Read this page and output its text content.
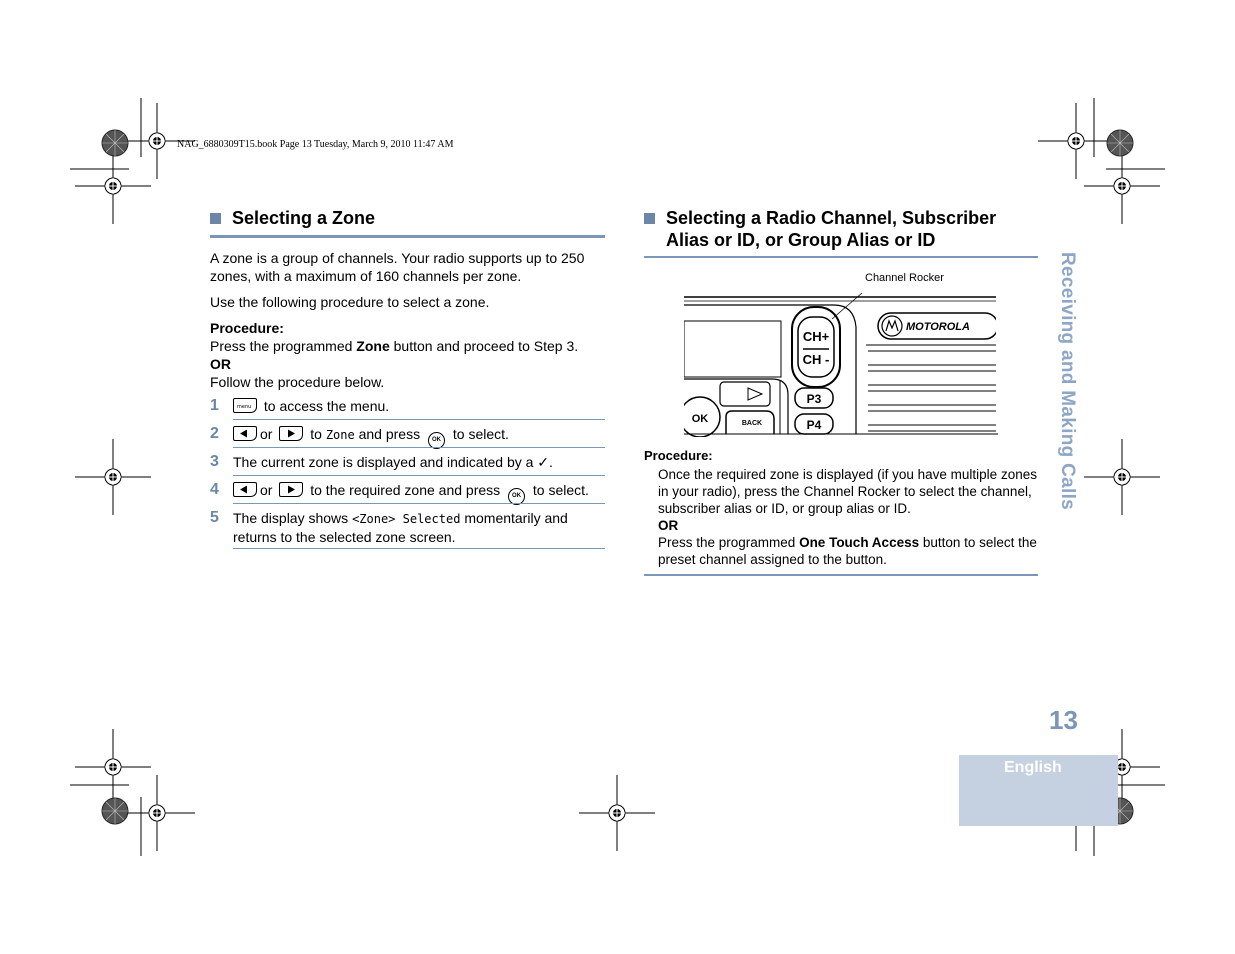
NAG_6880309T15.book Page 13 Tuesday, March 9, 2010 11:47 AM
Selecting a Zone
A zone is a group of channels. Your radio supports up to 250 zones, with a maximum of 160 channels per zone.
Use the following procedure to select a zone.
Procedure:
Press the programmed Zone button and proceed to Step 3.
OR
Follow the procedure below.
1	menu to access the menu.
2	or
to Zone and press OK to select.
3 The current zone is displayed and indicated by a ✓.
4	or
to the required zone and press OK to select.
5 The display shows <Zone> Selected momentarily and returns to the selected zone screen.
Selecting a Radio Channel, Subscriber
Alias or ID, or Group Alias or ID
Channel Rocker
CH+
CH -
P3
P4
OK	BACK
MOTOROLA
Procedure:
Once the required zone is displayed (if you have multiple zones in your radio), press the Channel Rocker to select the channel, subscriber alias or ID, or group alias or ID.
OR
Press the programmed One Touch Access button to select the preset channel assigned to the button.
Receiving and Making Calls
13
English
